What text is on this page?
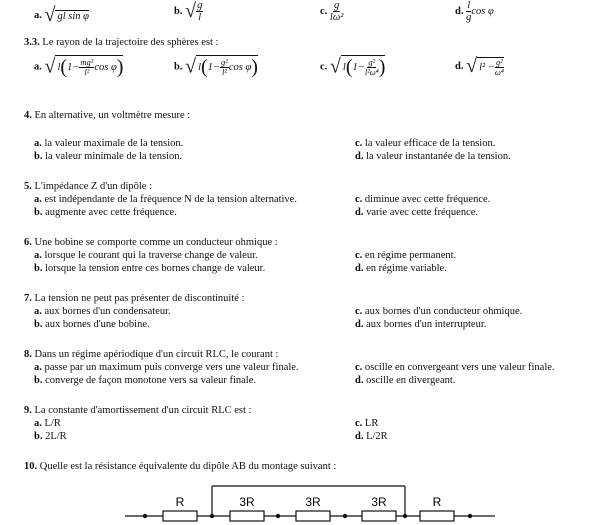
a. √ gl sin φ	b. √ $\frac{g}{l}$	c. $\frac{g}{\text{lω²}}$	d. $\frac{l}{g}$ cos φ
3.3. Le rayon de la trajectoire des sphères est :
a. √ $l(1- \frac{\text{mg²}}{\text{l²}}$ cos φ)	b. √ $l(1- \frac{\text{g²}}{\text{l²}}$ cos φ)	c. √ $l(1- \frac{\text{g²}}{\text{l²ω⁴}}$ )	d. √ $l^2 - \frac{\text{g²}}{\text{ω⁴}}$
4. En alternative, un voltmètre mesure :
a. la valeur maximale de la tension.
b. la valeur minimale de la tension.
c. la valeur efficace de la tension.
d. la valeur instantanée de la tension.
5. L'impédance Z d'un dipôle :
a. est indépendante de la fréquence N de la tension alternative.
b. augmente avec cette fréquence.
c. diminue avec cette fréquence.
d. varie avec cette fréquence.
6. Une bobine se comporte comme un conducteur ohmique :
a. lorsque le courant qui la traverse change de valeur.
b. lorsque la tension entre ces bornes change de valeur.
c. en régime permanent.
d. en régime variable.
7. La tension ne peut pas présenter de discontinuité :
a. aux bornes d'un condensateur.
b. aux bornes d'une bobine.
c. aux bornes d'un conducteur ohmique.
d. aux bornes d'un interrupteur.
8. Dans un régime apériodique d'un circuit RLC, le courant :
a. passe par un maximum puis converge vers une valeur finale.
b. converge de façon monotone vers sa valeur finale.
c. oscille en convergeant vers une valeur finale.
d. oscille en divergeant.
9. La constante d'amortissement d'un circuit RLC est :
a. L/R
b. 2L/R
c. LR
d. L/2R
10. Quelle est la résistance équivalente du dipôle AB du montage suivant :
R	3R	3R	3R	R
